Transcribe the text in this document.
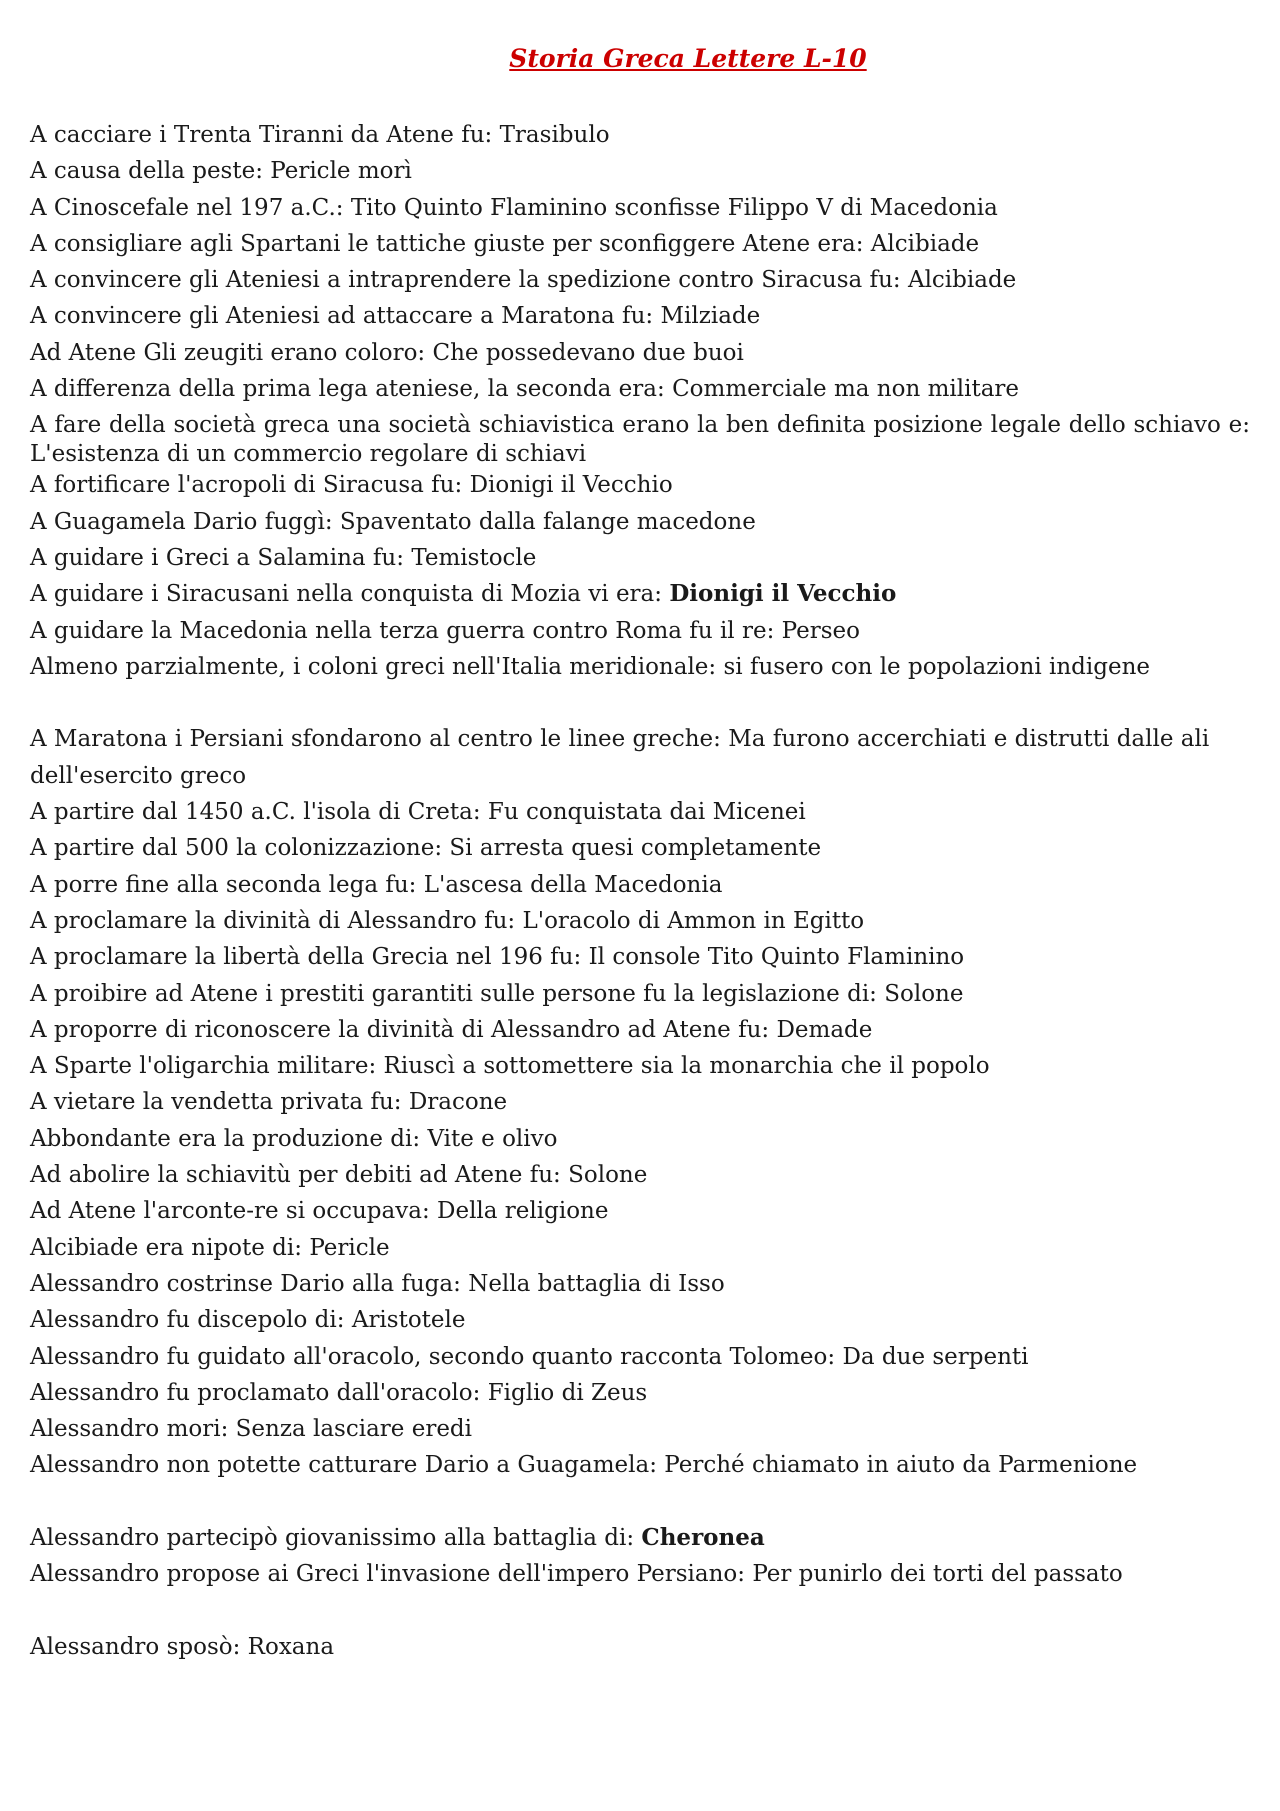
Storia Greca Lettere L-10
A cacciare i Trenta Tiranni da Atene fu: Trasibulo
A causa della peste: Pericle morì
A Cinoscefale nel 197 a.C.: Tito Quinto Flaminino sconfisse Filippo V di Macedonia
A consigliare agli Spartani le tattiche giuste per sconfiggere Atene era: Alcibiade
A convincere gli Ateniesi a intraprendere la spedizione contro Siracusa fu: Alcibiade
A convincere gli Ateniesi ad attaccare a Maratona fu: Milziade
Ad Atene Gli zeugiti erano coloro: Che possedevano due buoi
A differenza della prima lega ateniese, la seconda era: Commerciale ma non militare
A fare della società greca una società schiavistica erano la ben definita posizione legale dello schiavo e: L'esistenza di un commercio regolare di schiavi
A fortificare l'acropoli di Siracusa fu: Dionigi il Vecchio
A Guagamela Dario fuggì: Spaventato dalla falange macedone
A guidare i Greci a Salamina fu: Temistocle
A guidare i Siracusani nella conquista di Mozia vi era: Dionigi il Vecchio
A guidare la Macedonia nella terza guerra contro Roma fu il re: Perseo
Almeno parzialmente, i coloni greci nell'Italia meridionale: si fusero con le popolazioni indigene
A Maratona i Persiani sfondarono al centro le linee greche: Ma furono accerchiati e distrutti dalle ali dell'esercito greco
A partire dal 1450 a.C. l'isola di Creta: Fu conquistata dai Micenei
A partire dal 500 la colonizzazione: Si arresta quesi completamente
A porre fine alla seconda lega fu: L'ascesa della Macedonia
A proclamare la divinità di Alessandro fu: L'oracolo di Ammon in Egitto
A proclamare la libertà della Grecia nel 196 fu: Il console Tito Quinto Flaminino
A proibire ad Atene i prestiti garantiti sulle persone fu la legislazione di: Solone
A proporre di riconoscere la divinità di Alessandro ad Atene fu: Demade
A Sparte l'oligarchia militare: Riuscì a sottomettere sia la monarchia che il popolo
A vietare la vendetta privata fu: Dracone
Abbondante era la produzione di: Vite e olivo
Ad abolire la schiavitù per debiti ad Atene fu: Solone
Ad Atene l'arconte-re si occupava: Della religione
Alcibiade era nipote di: Pericle
Alessandro costrinse Dario alla fuga: Nella battaglia di Isso
Alessandro fu discepolo di: Aristotele
Alessandro fu guidato all'oracolo, secondo quanto racconta Tolomeo: Da due serpenti
Alessandro fu proclamato dall'oracolo: Figlio di Zeus
Alessandro mori: Senza lasciare eredi
Alessandro non potette catturare Dario a Guagamela: Perché chiamato in aiuto da Parmenione
Alessandro partecipò giovanissimo alla battaglia di: Cheronea
Alessandro propose ai Greci l'invasione dell'impero Persiano: Per punirlo dei torti del passato
Alessandro sposò: Roxana
